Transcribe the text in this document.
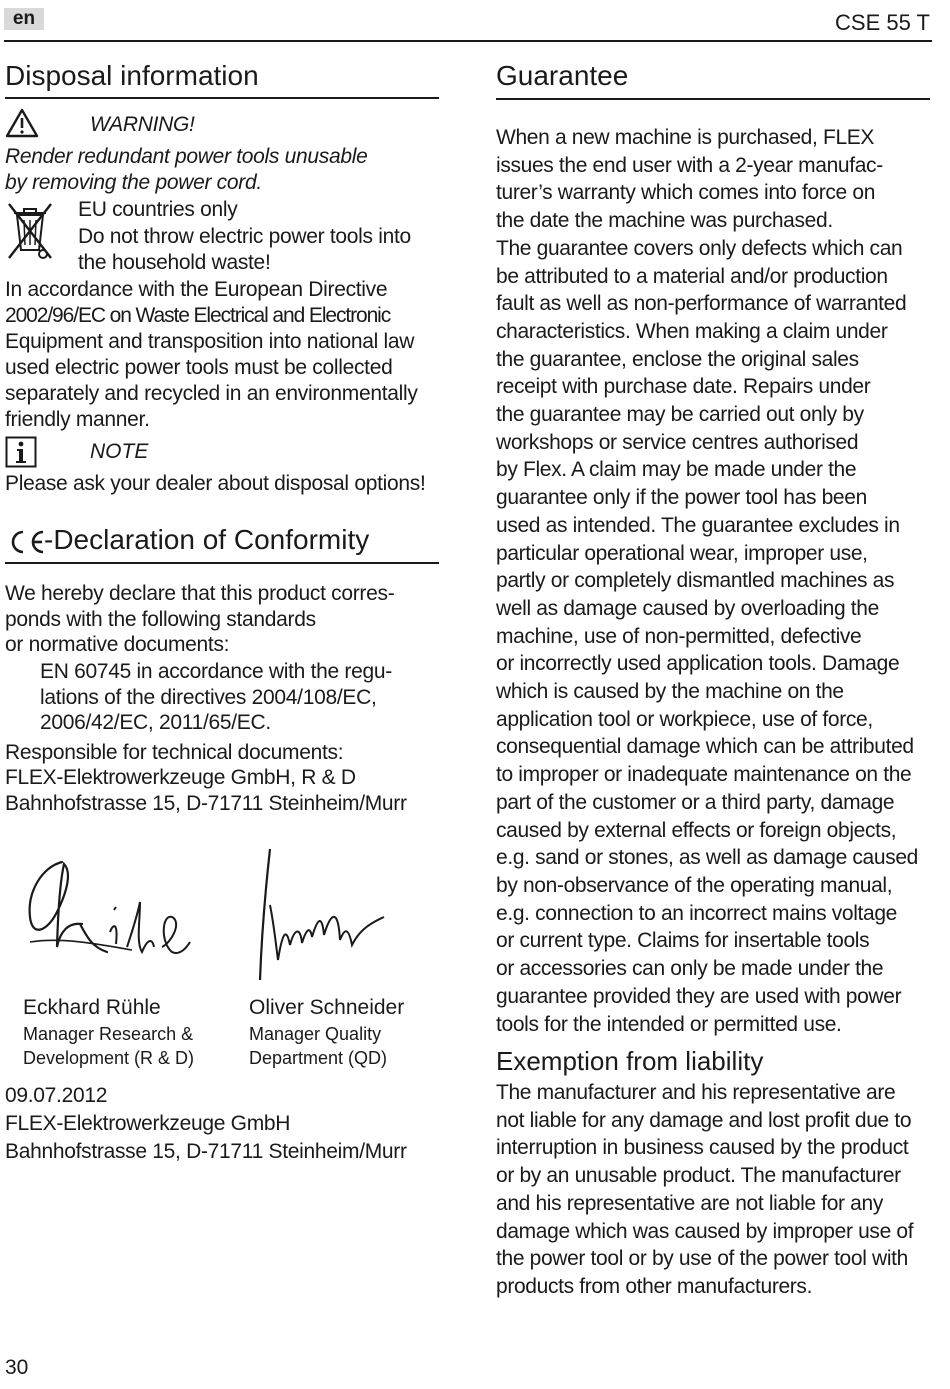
en	CSE 55 T
Disposal information
WARNING!
Render redundant power tools unusable
by removing the power cord.
EU countries only
Do not throw electric power tools into
the household waste!
In accordance with the European Directive
2002/96/EC on Waste Electrical and Electronic
Equipment and transposition into national law
used electric power tools must be collected
separately and recycled in an environmentally
friendly manner.
NOTE
Please ask your dealer about disposal options!
-Declaration of Conformity
We hereby declare that this product corres-
ponds with the following standards
or normative documents:
EN 60745 in accordance with the regu-
lations of the directives 2004/108/EC,
2006/42/EC, 2011/65/EC.
Responsible for technical documents:
FLEX-Elektrowerkzeuge GmbH, R & D
Bahnhofstrasse 15, D-71711 Steinheim/Murr
Eckhard Rühle
Manager Research &
Development (R & D)
Oliver Schneider
Manager Quality
Department (QD)
09.07.2012
FLEX-Elektrowerkzeuge GmbH
Bahnhofstrasse 15, D-71711 Steinheim/Murr
Guarantee
When a new machine is purchased, FLEX
issues the end user with a 2-year manufac-
turer’s warranty which comes into force on
the date the machine was purchased.
The guarantee covers only defects which can
be attributed to a material and/or production
fault as well as non-performance of warranted
characteristics. When making a claim under
the guarantee, enclose the original sales
receipt with purchase date. Repairs under
the guarantee may be carried out only by
workshops or service centres authorised
by Flex. A claim may be made under the
guarantee only if the power tool has been
used as intended. The guarantee excludes in
particular operational wear, improper use,
partly or completely dismantled machines as
well as damage caused by overloading the
machine, use of non-permitted, defective
or incorrectly used application tools. Damage
which is caused by the machine on the
application tool or workpiece, use of force,
consequential damage which can be attributed
to improper or inadequate maintenance on the
part of the customer or a third party, damage
caused by external effects or foreign objects,
e.g. sand or stones, as well as damage caused
by non-observance of the operating manual,
e.g. connection to an incorrect mains voltage
or current type. Claims for insertable tools
or accessories can only be made under the
guarantee provided they are used with power
tools for the intended or permitted use.
Exemption from liability
The manufacturer and his representative are
not liable for any damage and lost profit due to
interruption in business caused by the product
or by an unusable product. The manufacturer
and his representative are not liable for any
damage which was caused by improper use of
the power tool or by use of the power tool with
products from other manufacturers.
30
